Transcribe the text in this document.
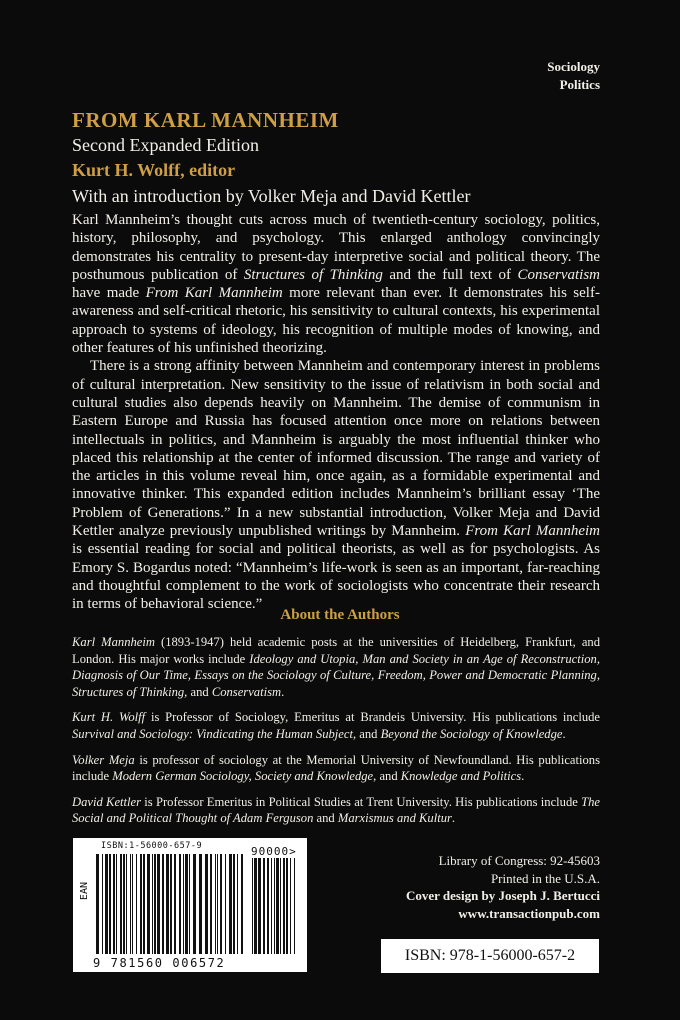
Sociology
Politics
FROM KARL MANNHEIM
Second Expanded Edition
Kurt H. Wolff, editor
With an introduction by Volker Meja and David Kettler

Karl Mannheim’s thought cuts across much of twentieth-century sociology, politics, history, philosophy, and psychology. This enlarged anthology convincingly demonstrates his centrality to present-day interpretive social and political theory. The posthumous publication of Structures of Thinking and the full text of Conservatism have made From Karl Mannheim more relevant than ever. It demonstrates his self-awareness and self-critical rhetoric, his sensitivity to cultural contexts, his experimental approach to systems of ideology, his recognition of multiple modes of knowing, and other features of his unfinished theorizing.

There is a strong affinity between Mannheim and contemporary interest in problems of cultural interpretation. New sensitivity to the issue of relativism in both social and cultural studies also depends heavily on Mannheim. The demise of communism in Eastern Europe and Russia has focused attention once more on relations between intellectuals in politics, and Mannheim is arguably the most influential thinker who placed this relationship at the center of informed discussion. The range and variety of the articles in this volume reveal him, once again, as a formidable experimental and innovative thinker. This expanded edition includes Mannheim’s brilliant essay ‘The Problem of Generations.” In a new substantial introduction, Volker Meja and David Kettler analyze previously unpublished writings by Mannheim. From Karl Mannheim is essential reading for social and political theorists, as well as for psychologists. As Emory S. Bogardus noted: “Mannheim’s life-work is seen as an important, far-reaching and thoughtful complement to the work of sociologists who concentrate their research in terms of behavioral science.”

About the Authors

Karl Mannheim (1893-1947) held academic posts at the universities of Heidelberg, Frankfurt, and London. His major works include Ideology and Utopia, Man and Society in an Age of Reconstruction, Diagnosis of Our Time, Essays on the Sociology of Culture, Freedom, Power and Democratic Planning, Structures of Thinking, and Conservatism.

Kurt H. Wolff is Professor of Sociology, Emeritus at Brandeis University. His publications include Survival and Sociology: Vindicating the Human Subject, and Beyond the Sociology of Knowledge.

Volker Meja is professor of sociology at the Memorial University of Newfoundland. His publications include Modern German Sociology, Society and Knowledge, and Knowledge and Politics.

David Kettler is Professor Emeritus in Political Studies at Trent University. His publications include The Social and Political Thought of Adam Ferguson and Marxismus and Kultur.

Library of Congress: 92-45603
Printed in the U.S.A.
Cover design by Joseph J. Bertucci
www.transactionpub.com
ISBN:1-56000-657-9
EAN
90000>
9 781560 006572	ISBN: 978-1-56000-657-2
